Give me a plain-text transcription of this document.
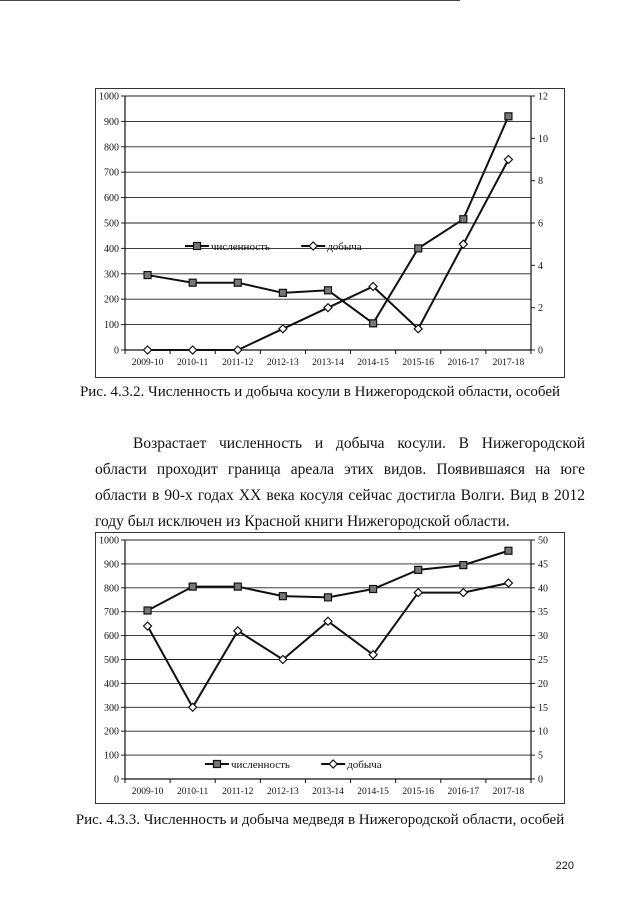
0
100
200
300
400
500
600
700
800
900
1000
0
2
4
6
8
10
12
2009-10 2010-11 2011-12 2012-13 2013-14 2014-15 2015-16 2016-17 2017-18
численность	добыча
Рис. 4.3.2. Численность и добыча косули в Нижегородской области, особей
Возрастает численность и добыча косули. В Нижегородской области проходит граница ареала этих видов. Появившаяся на юге области в 90-х годах XX века косуля сейчас достигла Волги. Вид в 2012 году был исключен из Красной книги Нижегородской области.
0
100
200
300
400
500
600
700
800
900
1000
0
5
10
15
20
25
30
35
40
45
50
2009-10 2010-11 2011-12 2012-13 2013-14 2014-15 2015-16 2016-17 2017-18
численность	добыча
Рис. 4.3.3. Численность и добыча медведя в Нижегородской области, особей
220
